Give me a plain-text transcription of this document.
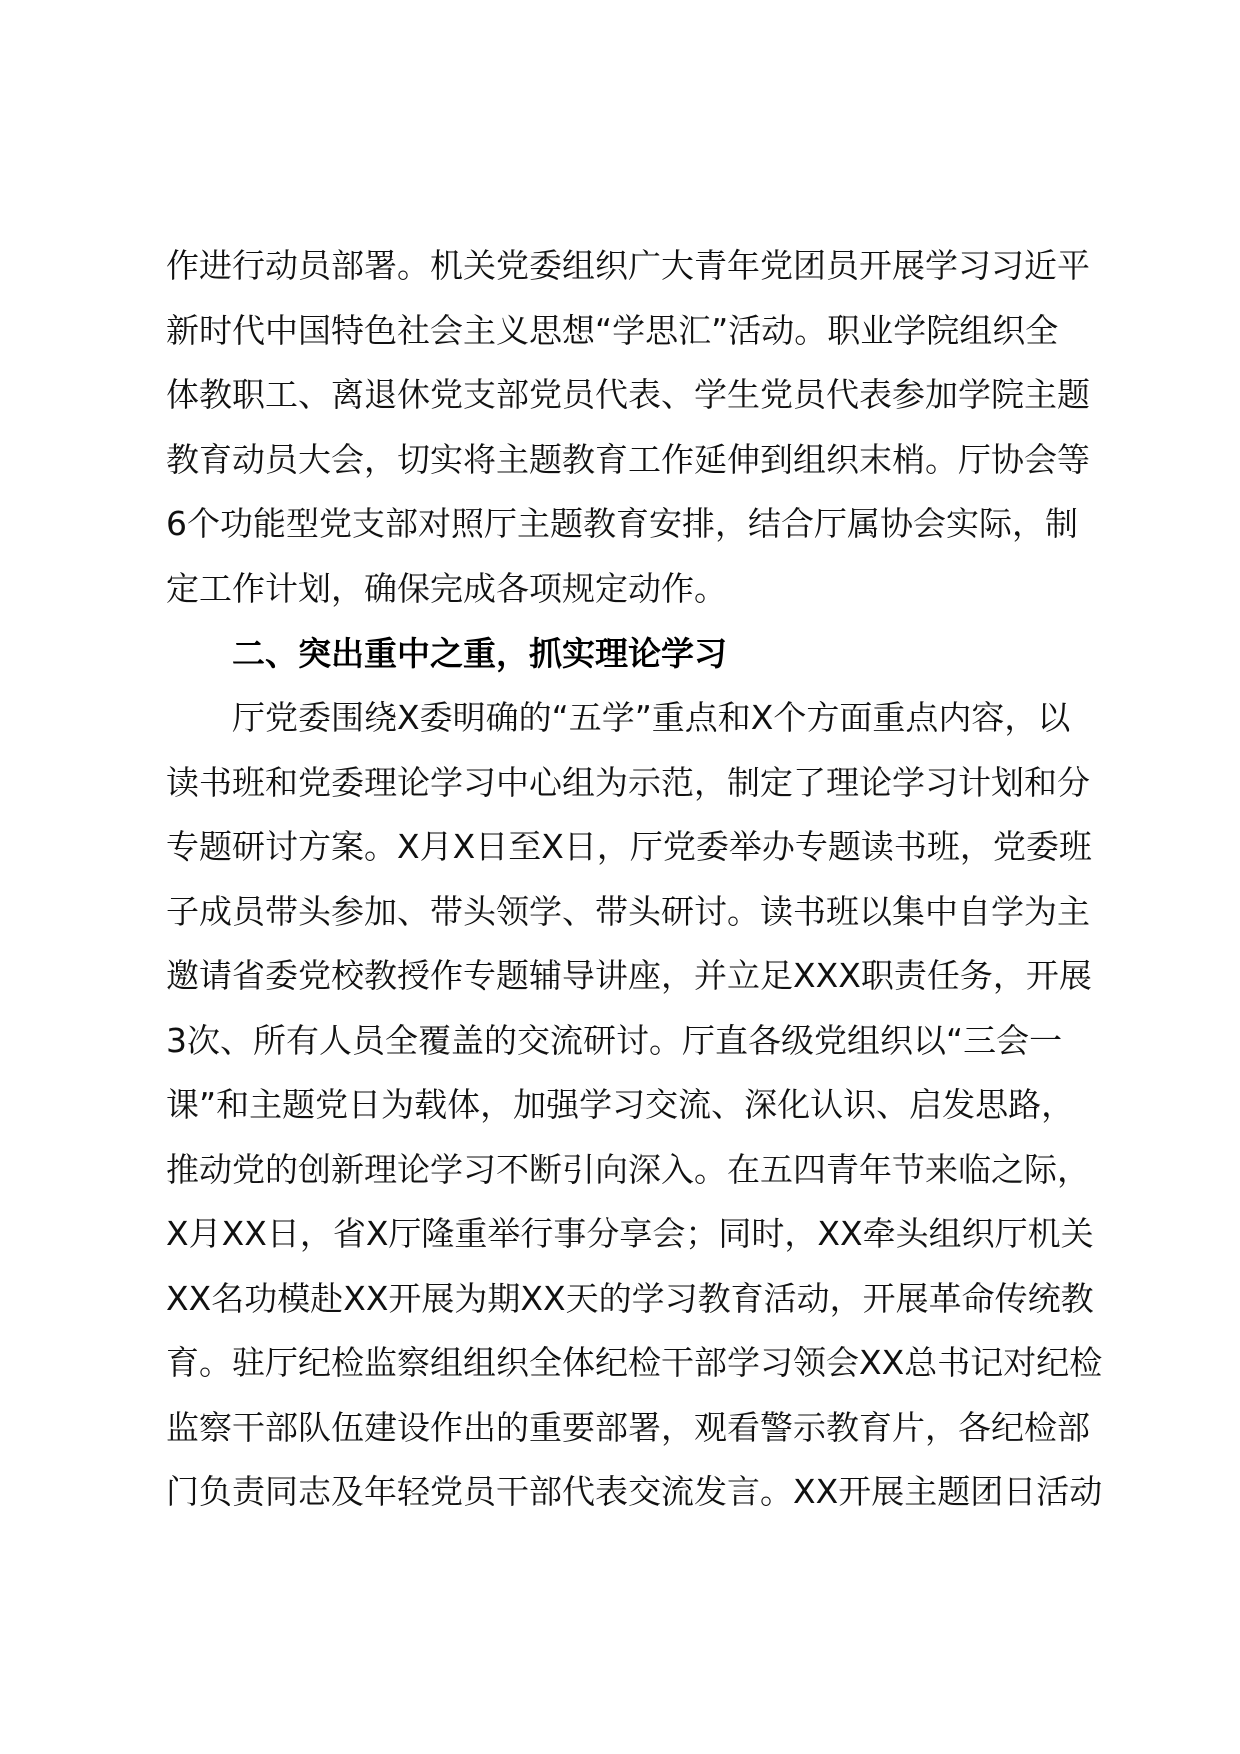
作进行动员部署。机关党委组织广大青年党团员开展学习习近平
新时代中国特色社会主义思想“学思汇”活动。职业学院组织全
体教职工、离退休党支部党员代表、学生党员代表参加学院主题
教育动员大会，切实将主题教育工作延伸到组织末梢。厅协会等
6个功能型党支部对照厅主题教育安排，结合厅属协会实际，制
定工作计划，确保完成各项规定动作。
二、突出重中之重，抓实理论学习
厅党委围绕X委明确的“五学”重点和X个方面重点内容，以
读书班和党委理论学习中心组为示范，制定了理论学习计划和分
专题研讨方案。X月X日至X日，厅党委举办专题读书班，党委班
子成员带头参加、带头领学、带头研讨。读书班以集中自学为主
邀请省委党校教授作专题辅导讲座，并立足XXX职责任务，开展
3次、所有人员全覆盖的交流研讨。厅直各级党组织以“三会一
课”和主题党日为载体，加强学习交流、深化认识、启发思路，
推动党的创新理论学习不断引向深入。在五四青年节来临之际，
X月XX日，省X厅隆重举行事分享会；同时，XX牵头组织厅机关
XX名功模赴XX开展为期XX天的学习教育活动，开展革命传统教
育。驻厅纪检监察组组织全体纪检干部学习领会XX总书记对纪检
监察干部队伍建设作出的重要部署，观看警示教育片，各纪检部
门负责同志及年轻党员干部代表交流发言。XX开展主题团日活动
